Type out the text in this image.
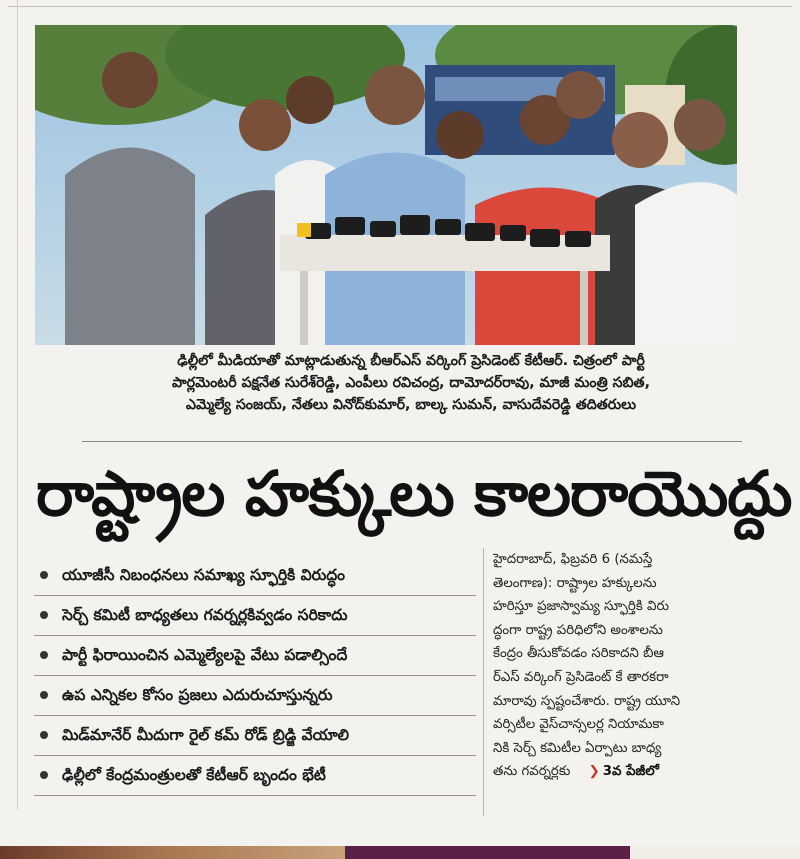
ఢిల్లీలో మీడియాతో మాట్లాడుతున్న బీఆర్ఎస్ వర్కింగ్ ప్రెసిడెంట్ కేటీఆర్. చిత్రంలో పార్టీ
పార్లమెంటరీ పక్షనేత సురేశ్‌రెడ్డి, ఎంపీలు రవిచంద్ర, దామోదర్‌రావు, మాజీ మంత్రి సబిత,
ఎమ్మెల్యే సంజయ్, నేతలు వినోద్‌కుమార్, బాల్క సుమన్, వాసుదేవరెడ్డి తదితరులు
రాష్ట్రాల హక్కులు కాలరాయొద్దు
యూజీసీ నిబంధనలు సమాఖ్య స్ఫూర్తికి విరుద్ధం
సెర్చ్ కమిటీ బాధ్యతలు గవర్నర్లకివ్వడం సరికాదు
పార్టీ ఫిరాయించిన ఎమ్మెల్యేలపై వేటు పడాల్సిందే
ఉప ఎన్నికల కోసం ప్రజలు ఎదురుచూస్తున్నరు
మిడ్‌మానేర్ మీదుగా రైల్ కమ్ రోడ్ బ్రిడ్జి వేయాలి
ఢిల్లీలో కేంద్రమంత్రులతో కేటీఆర్ బృందం భేటీ
హైదరాబాద్, ఫిబ్రవరి 6 (నమస్తే
తెలంగాణ): రాష్ట్రాల హక్కులను
హరిస్తూ ప్రజాస్వామ్య స్ఫూర్తికి విరు
ద్ధంగా రాష్ట్ర పరిధిలోని అంశాలను
కేంద్రం తీసుకోవడం సరికాదని బీఆ
ర్ఎస్ వర్కింగ్ ప్రెసిడెంట్ కే తారకరా
మారావు స్పష్టంచేశారు. రాష్ట్ర యూని
వర్సిటీల వైస్‌చాన్సలర్ల నియామకా
నికి సెర్చ్ కమిటీల ఏర్పాటు బాధ్య
తను గవర్నర్లకు ❯ 3వ పేజీలో
